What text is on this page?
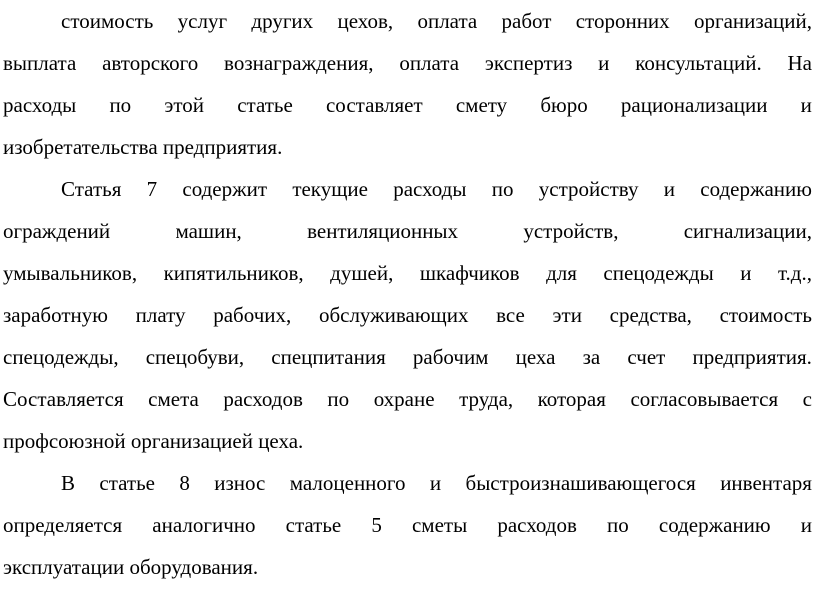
стоимость услуг других цехов, оплата работ сторонних организаций,
выплата авторского вознаграждения, оплата экспертиз и консультаций. На
расходы по этой статье составляет смету бюро рационализации и
изобретательства предприятия.
Статья 7 содержит текущие расходы по устройству и содержанию
ограждений	машин,	вентиляционных	устройств,	сигнализации,
умывальников, кипятильников, душей, шкафчиков для спецодежды и т.д.,
заработную плату рабочих, обслуживающих все эти средства, стоимость
спецодежды, спецобуви, спецпитания рабочим цеха за счет предприятия.
Составляется смета расходов по охране труда, которая согласовывается с
профсоюзной организацией цеха.
В статье 8 износ малоценного и быстроизнашивающегося инвентаря
определяется аналогично статье 5 сметы расходов по содержанию и
эксплуатации оборудования.
